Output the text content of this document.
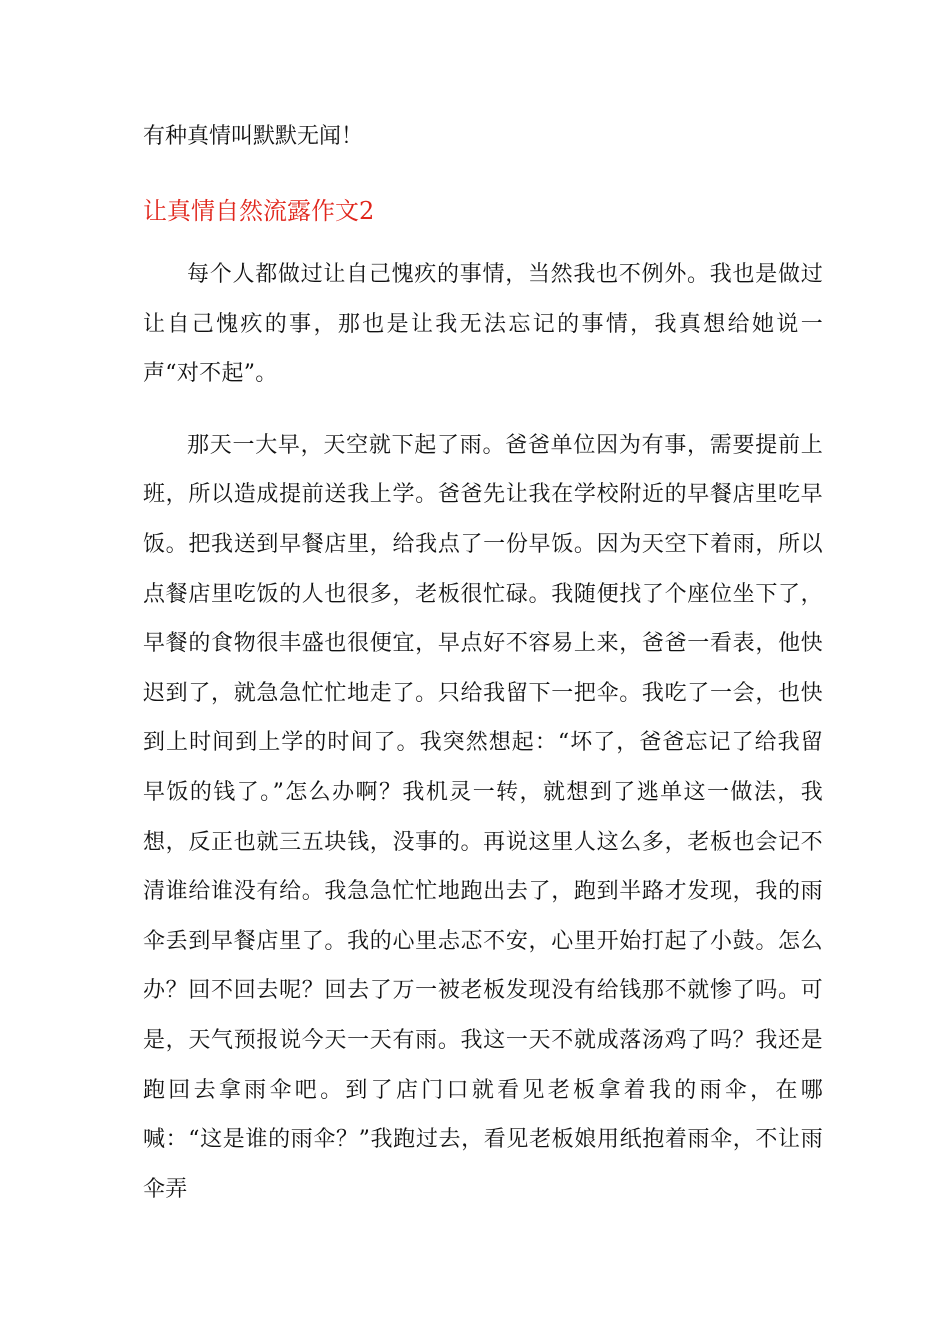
有种真情叫默默无闻！

让真情自然流露作文2

每个人都做过让自己愧疚的事情，当然我也不例外。我也是做过让自己愧疚的事，那也是让我无法忘记的事情，我真想给她说一声“对不起”。

那天一大早，天空就下起了雨。爸爸单位因为有事，需要提前上班，所以造成提前送我上学。爸爸先让我在学校附近的早餐店里吃早饭。把我送到早餐店里，给我点了一份早饭。因为天空下着雨，所以点餐店里吃饭的人也很多，老板很忙碌。我随便找了个座位坐下了，早餐的食物很丰盛也很便宜，早点好不容易上来，爸爸一看表，他快迟到了，就急急忙忙地走了。只给我留下一把伞。我吃了一会，也快到上时间到上学的时间了。我突然想起：“坏了，爸爸忘记了给我留早饭的钱了。”怎么办啊？我机灵一转，就想到了逃单这一做法，我想，反正也就三五块钱，没事的。再说这里人这么多，老板也会记不清谁给谁没有给。我急急忙忙地跑出去了，跑到半路才发现，我的雨伞丢到早餐店里了。我的心里忐忑不安，心里开始打起了小鼓。怎么办？回不回去呢？回去了万一被老板发现没有给钱那不就惨了吗。可是，天气预报说今天一天有雨。我这一天不就成落汤鸡了吗？我还是跑回去拿雨伞吧。到了店门口就看见老板拿着我的雨伞，在哪喊：“这是谁的雨伞？”我跑过去，看见老板娘用纸抱着雨伞，不让雨伞弄
